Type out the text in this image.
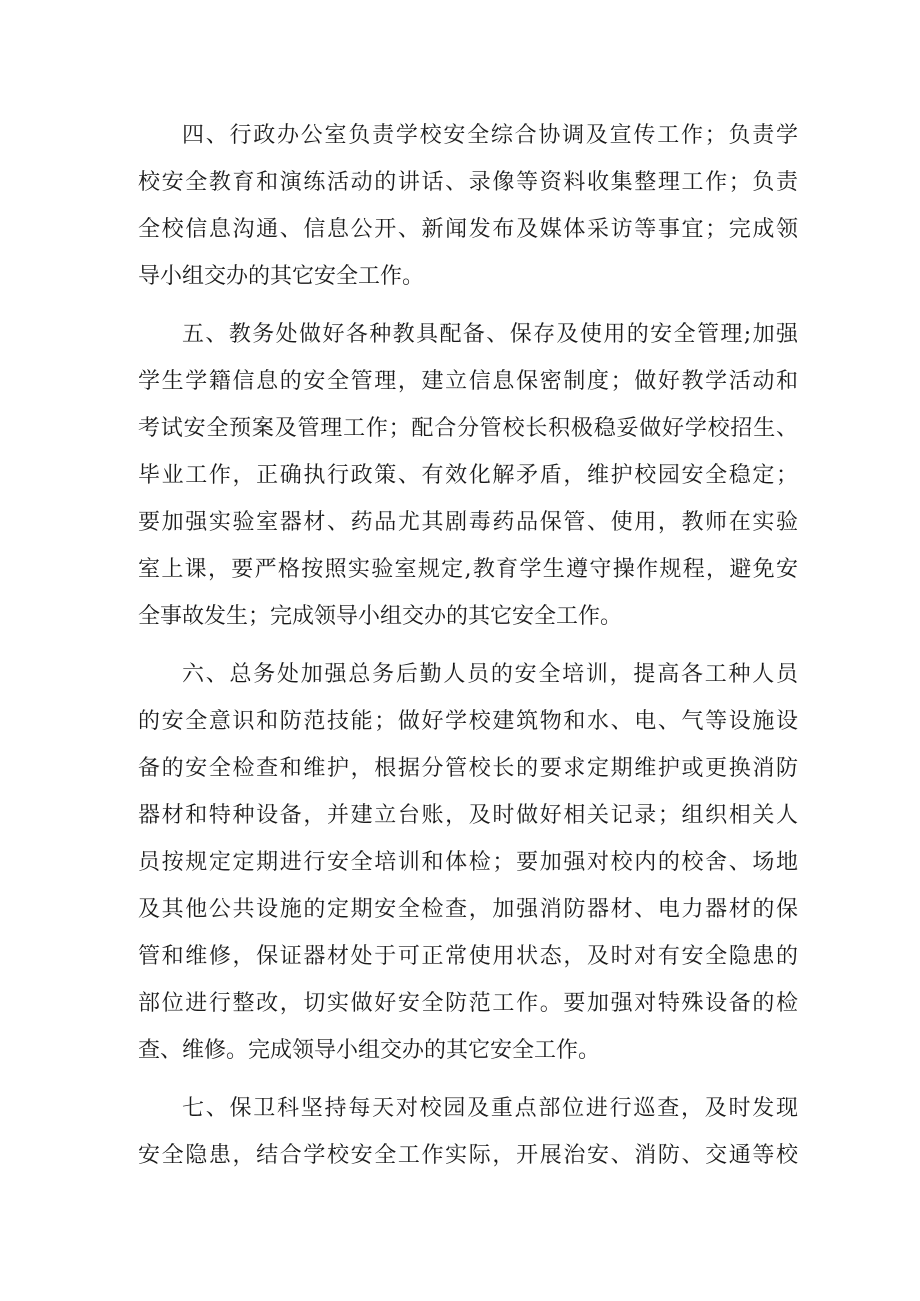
四、行政办公室负责学校安全综合协调及宣传工作；负责学
校安全教育和演练活动的讲话、录像等资料收集整理工作；负责
全校信息沟通、信息公开、新闻发布及媒体采访等事宜；完成领
导小组交办的其它安全工作。
五、教务处做好各种教具配备、保存及使用的安全管理;加强
学生学籍信息的安全管理，建立信息保密制度；做好教学活动和
考试安全预案及管理工作；配合分管校长积极稳妥做好学校招生、
毕业工作，正确执行政策、有效化解矛盾，维护校园安全稳定；
要加强实验室器材、药品尤其剧毒药品保管、使用，教师在实验
室上课，要严格按照实验室规定,教育学生遵守操作规程，避免安
全事故发生；完成领导小组交办的其它安全工作。
六、总务处加强总务后勤人员的安全培训，提高各工种人员
的安全意识和防范技能；做好学校建筑物和水、电、气等设施设
备的安全检查和维护，根据分管校长的要求定期维护或更换消防
器材和特种设备，并建立台账，及时做好相关记录；组织相关人
员按规定定期进行安全培训和体检；要加强对校内的校舍、场地
及其他公共设施的定期安全检查，加强消防器材、电力器材的保
管和维修，保证器材处于可正常使用状态，及时对有安全隐患的
部位进行整改，切实做好安全防范工作。要加强对特殊设备的检
查、维修。完成领导小组交办的其它安全工作。
七、保卫科坚持每天对校园及重点部位进行巡查，及时发现
安全隐患，结合学校安全工作实际，开展治安、消防、交通等校
